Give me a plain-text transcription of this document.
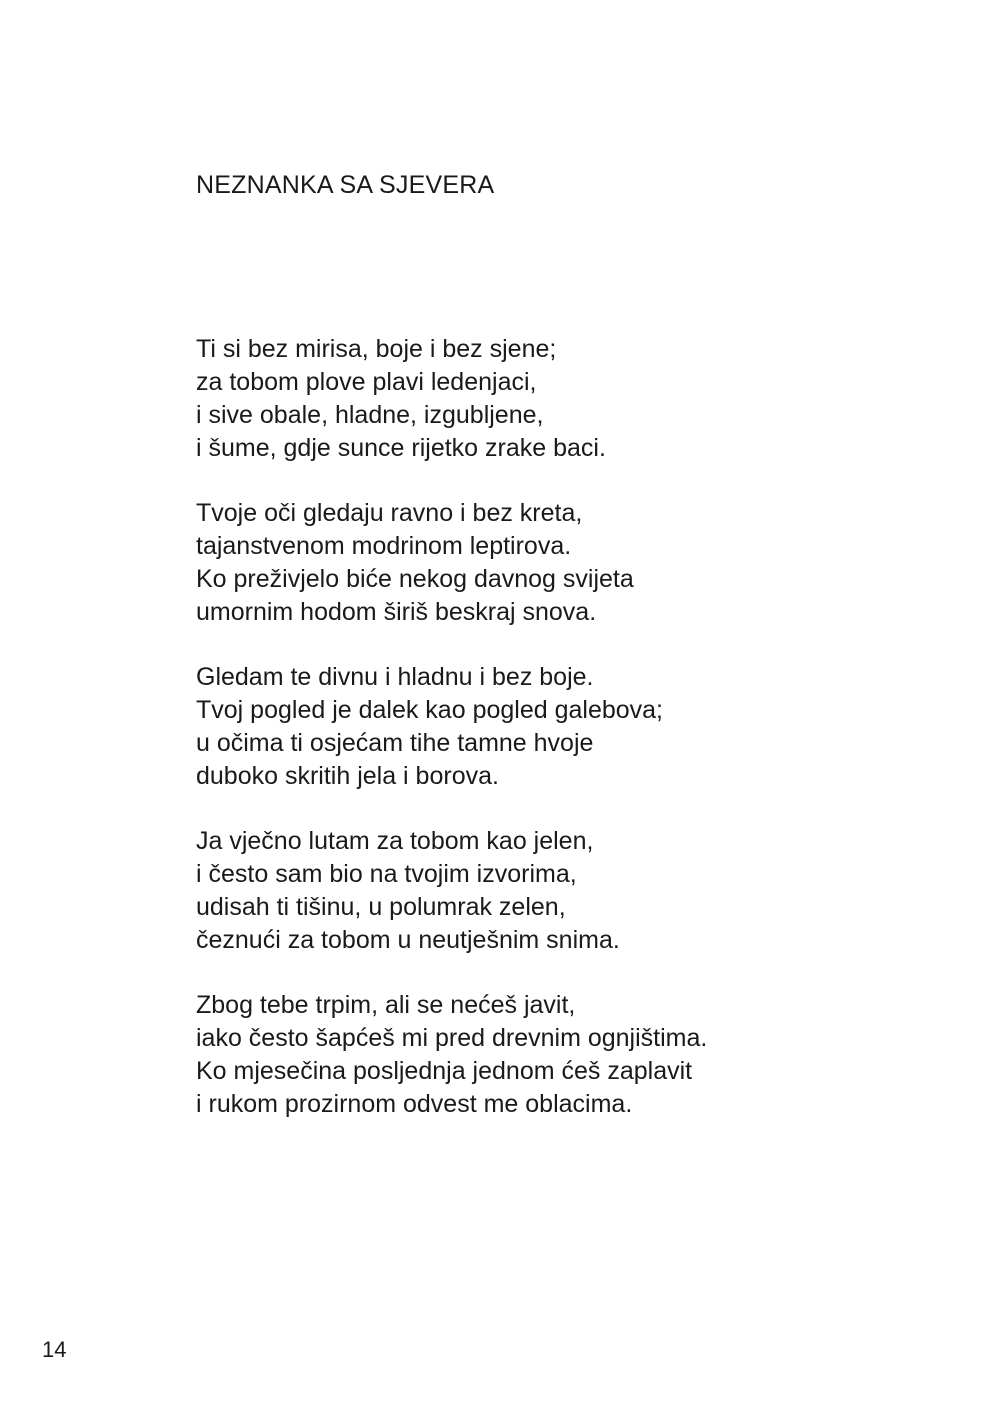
NEZNANKA SA SJEVERA
Ti si bez mirisa, boje i bez sjene;
za tobom plove plavi ledenjaci,
i sive obale, hladne, izgubljene,
i šume, gdje sunce rijetko zrake baci.
Tvoje oči gledaju ravno i bez kreta,
tajanstvenom modrinom leptirova.
Ko preživjelo biće nekog davnog svijeta
umornim hodom širiš beskraj snova.
Gledam te divnu i hladnu i bez boje.
Tvoj pogled je dalek kao pogled galebova;
u očima ti osjećam tihe tamne hvoje
duboko skritih jela i borova.
Ja vječno lutam za tobom kao jelen,
i često sam bio na tvojim izvorima,
udisah ti tišinu, u polumrak zelen,
čeznući za tobom u neutješnim snima.
Zbog tebe trpim, ali se nećeš javit,
iako često šapćeš mi pred drevnim ognjištima.
Ko mjesečina posljednja jednom ćeš zaplavit
i rukom prozirnom odvest me oblacima.
14
